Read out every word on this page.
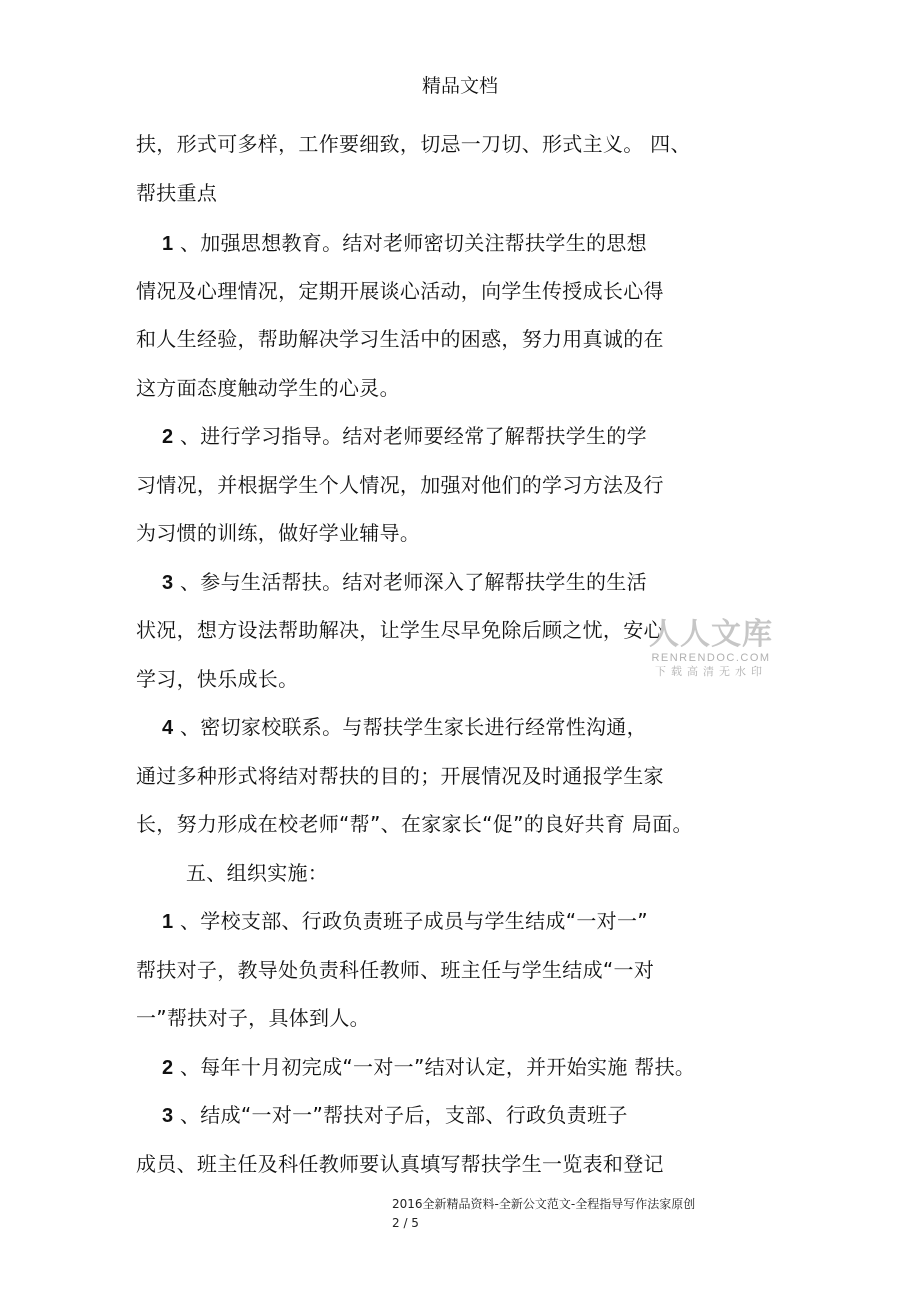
精品文档
扶，形式可多样，工作要细致，切忌一刀切、形式主义。 四、
帮扶重点
1 、加强思想教育。结对老师密切关注帮扶学生的思想
情况及心理情况，定期开展谈心活动，向学生传授成长心得
和人生经验，帮助解决学习生活中的困惑，努力用真诚的在
这方面态度触动学生的心灵。
2 、进行学习指导。结对老师要经常了解帮扶学生的学
习情况，并根据学生个人情况，加强对他们的学习方法及行
为习惯的训练，做好学业辅导。
3 、参与生活帮扶。结对老师深入了解帮扶学生的生活
状况，想方设法帮助解决，让学生尽早免除后顾之忧，安心
学习，快乐成长。
4 、密切家校联系。与帮扶学生家长进行经常性沟通，
通过多种形式将结对帮扶的目的；开展情况及时通报学生家
长，努力形成在校老师“帮”、在家家长“促”的良好共育 局面。
五、组织实施：
1 、学校支部、行政负责班子成员与学生结成“一对一”
帮扶对子，教导处负责科任教师、班主任与学生结成“一对
一”帮扶对子，具体到人。
2 、每年十月初完成“一对一”结对认定，并开始实施 帮扶。
3 、结成“一对一”帮扶对子后，支部、行政负责班子
成员、班主任及科任教师要认真填写帮扶学生一览表和登记
人人文库
RENRENDOC.COM
下载高清无水印
2016全新精品资料-全新公文范文-全程指导写作法家原创
2 / 5
